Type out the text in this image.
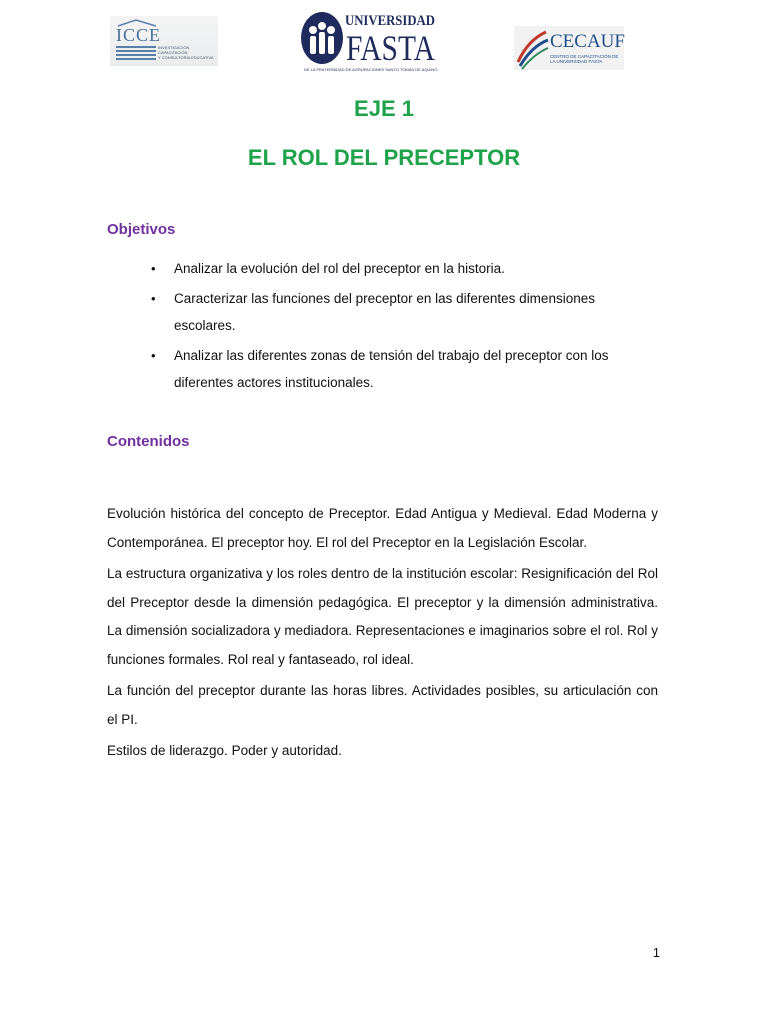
ICCE
INVESTIGACIÓN
CAPACITACIÓN
Y CONSULTORÍA EDUCATIVA
UNIVERSIDAD
FASTA
DE LA FRATERNIDAD DE AGRUPACIONES SANTO TOMÁS DE AQUINO
CECAUF
CENTRO DE CAPACITACIÓN DE LA UNIVERSIDAD FASTA
EJE 1
EL ROL DEL PRECEPTOR
Objetivos
• Analizar la evolución del rol del preceptor en la historia.
• Caracterizar las funciones del preceptor en las diferentes dimensiones escolares.
• Analizar las diferentes zonas de tensión del trabajo del preceptor con los diferentes actores institucionales.
Contenidos

Evolución histórica del concepto de Preceptor. Edad Antigua y Medieval. Edad Moderna y Contemporánea. El preceptor hoy. El rol del Preceptor en la Legislación Escolar.

La estructura organizativa y los roles dentro de la institución escolar: Resignificación del Rol del Preceptor desde la dimensión pedagógica. El preceptor y la dimensión administrativa. La dimensión socializadora y mediadora. Representaciones e imaginarios sobre el rol. Rol y funciones formales. Rol real y fantaseado, rol ideal.

La función del preceptor durante las horas libres. Actividades posibles, su articulación con el PI.

Estilos de liderazgo. Poder y autoridad.

1
